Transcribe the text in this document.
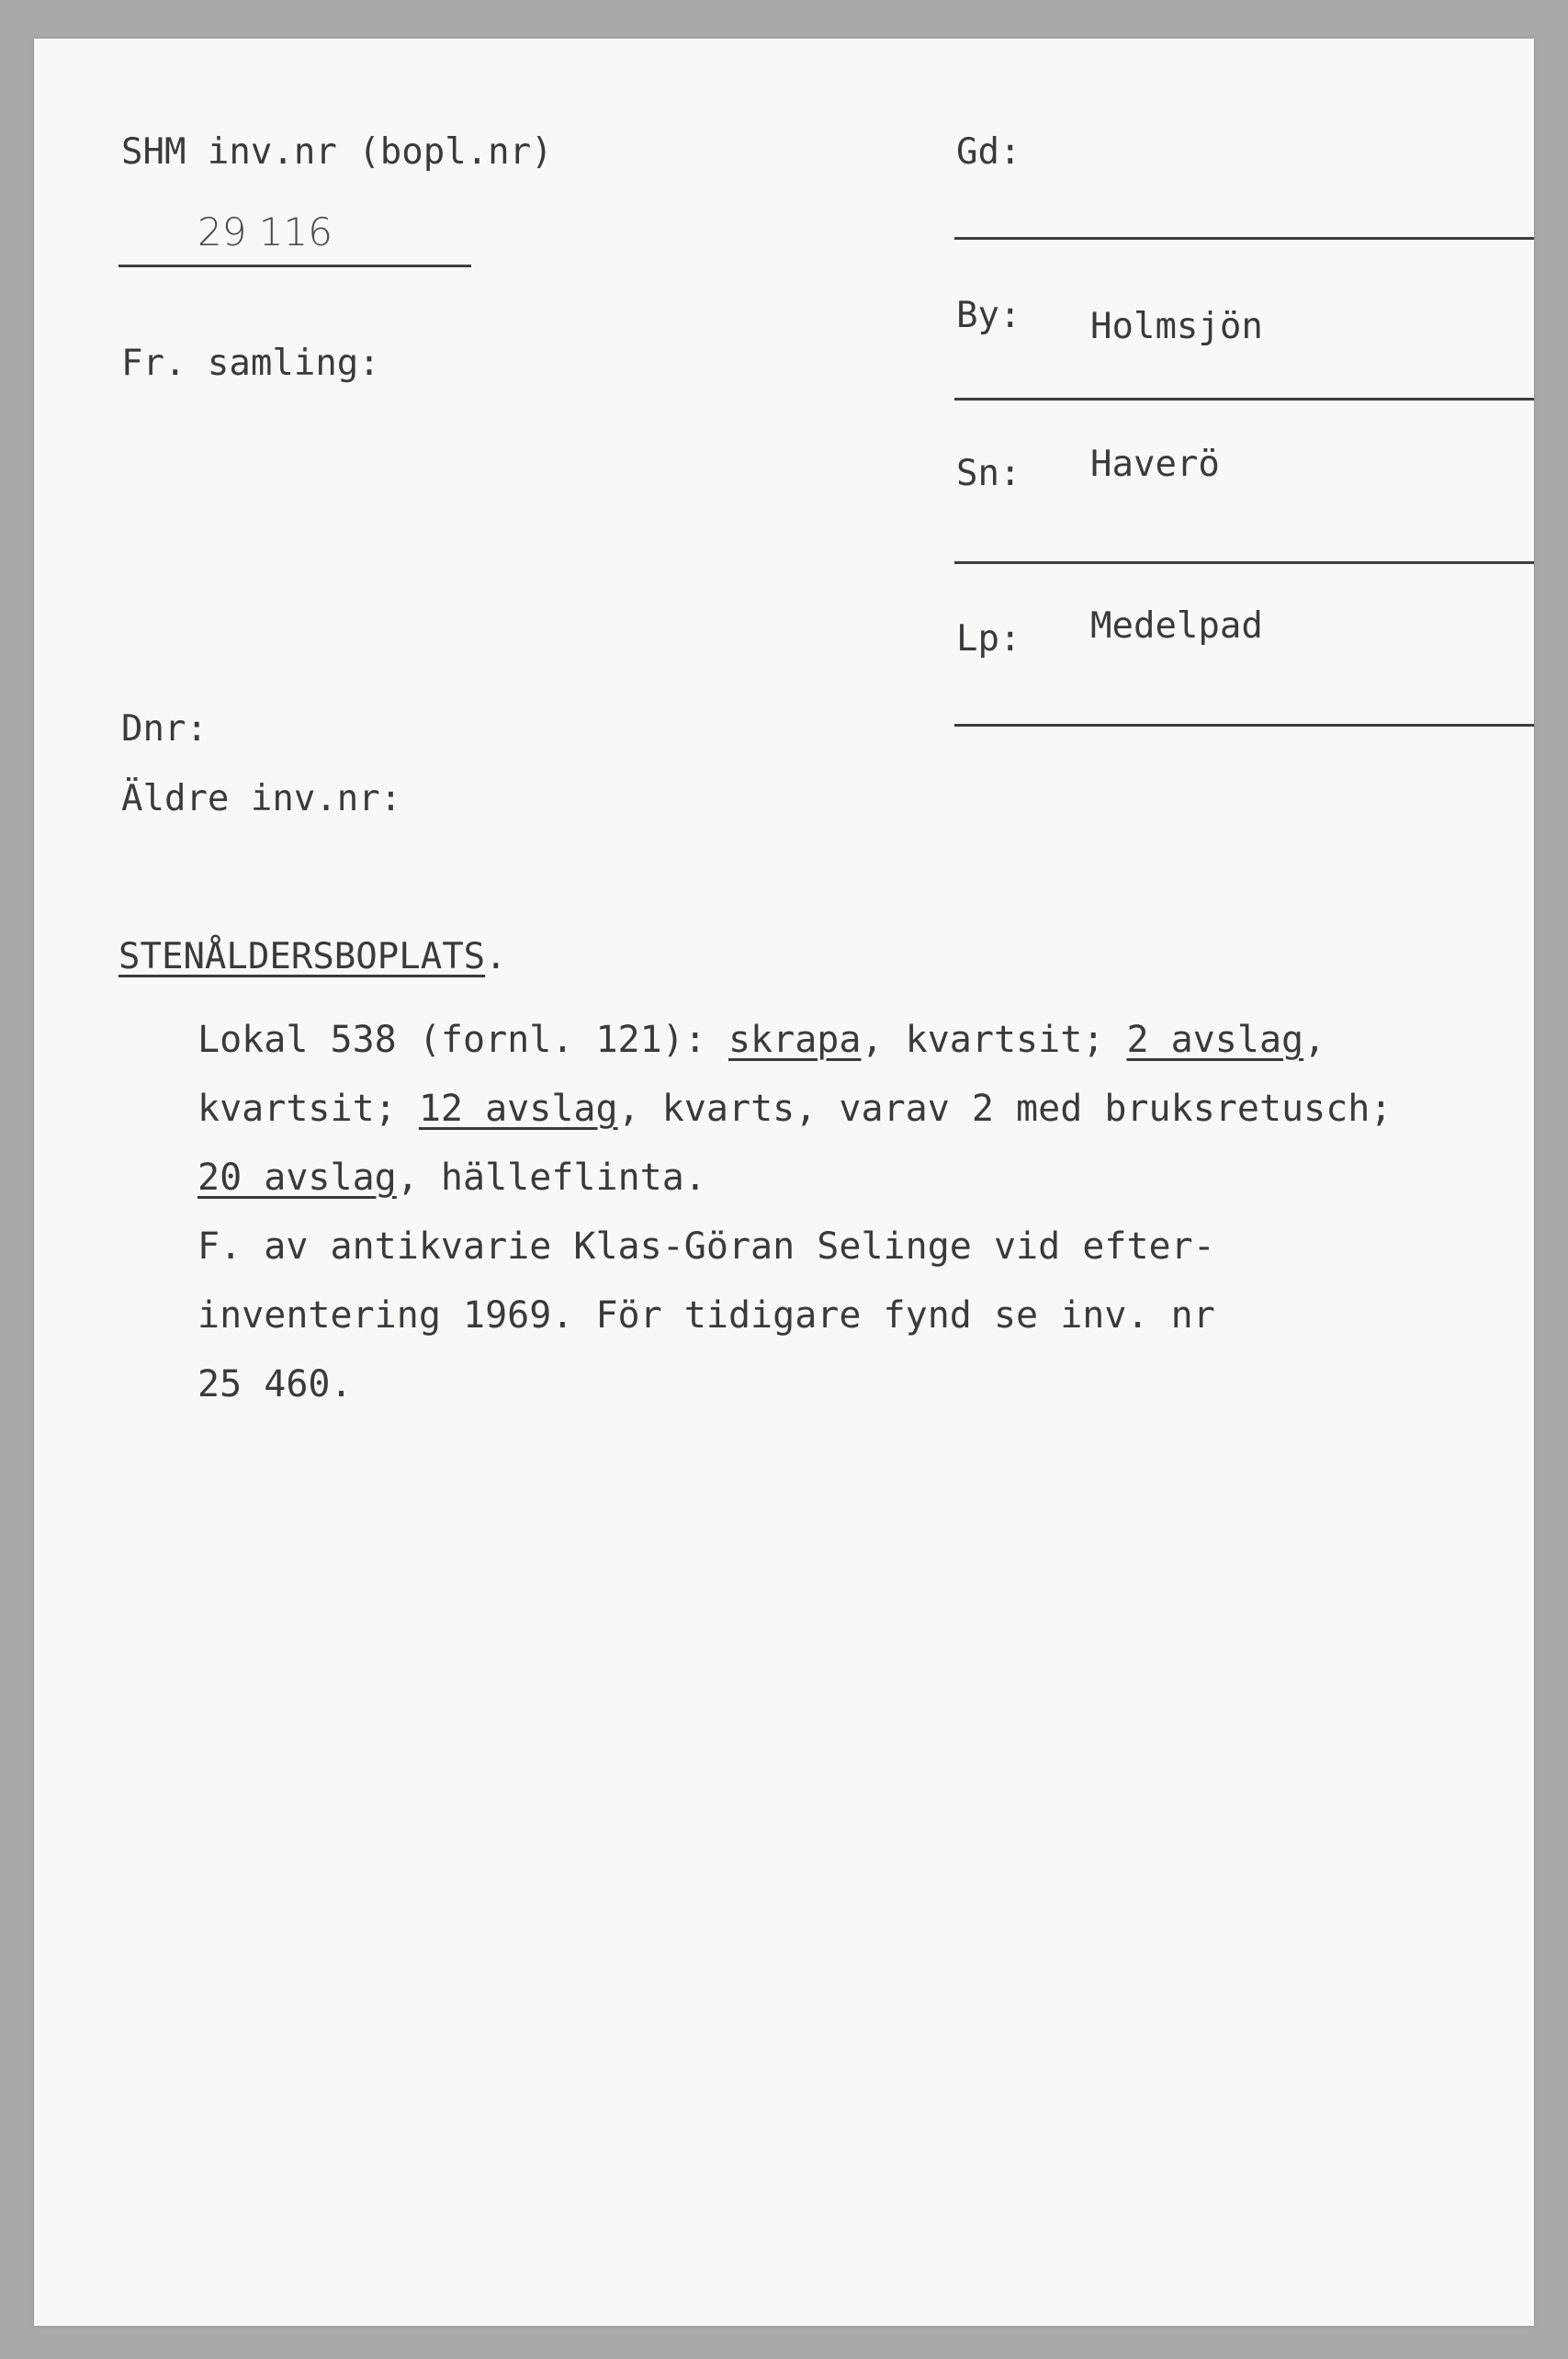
SHM inv.nr (bopl.nr)
29 116
Fr. samling:
Dnr:
Äldre inv.nr:
Gd:
By: Holmsjön
Sn: Haverö
Lp: Medelpad
STENÅLDERSBOPLATS.
Lokal 538 (fornl. 121): skrapa, kvartsit; 2 avslag,
kvartsit; 12 avslag, kvarts, varav 2 med bruksretusch;
20 avslag, hälleflinta.
F. av antikvarie Klas-Göran Selinge vid efter-
inventering 1969. För tidigare fynd se inv. nr
25 460.
